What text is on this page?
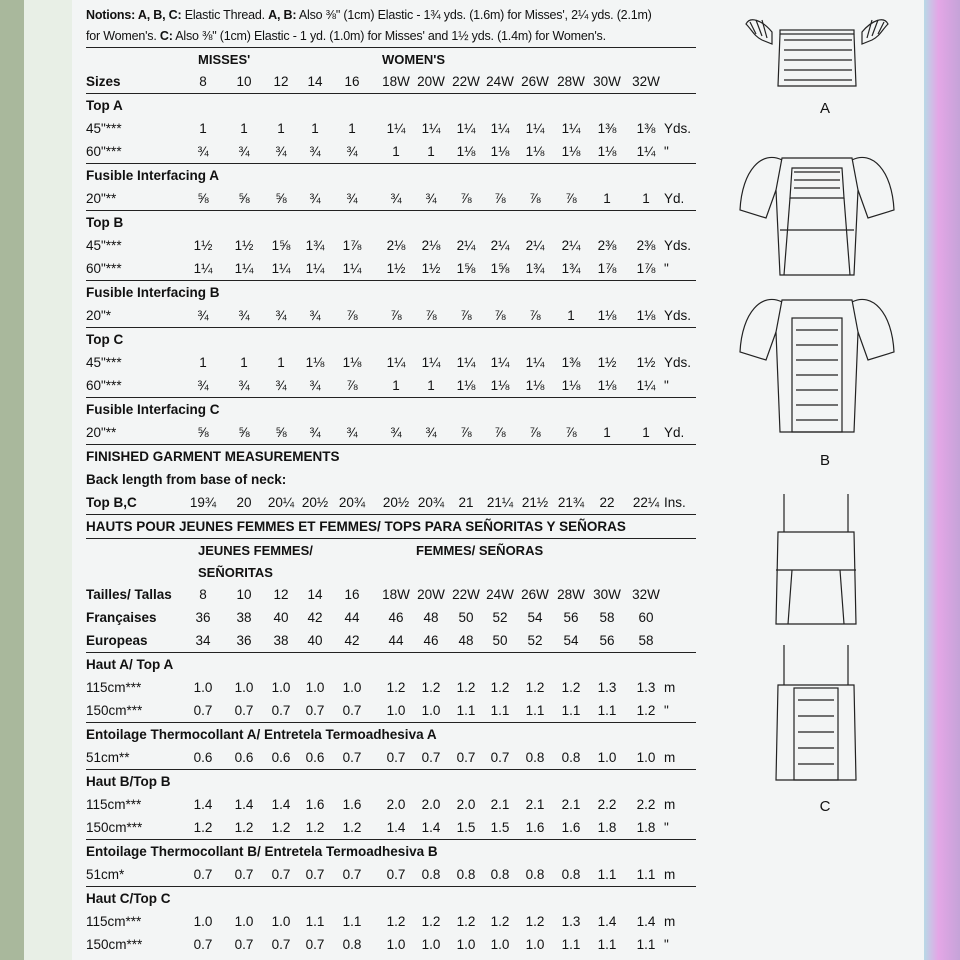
Notions: A, B, C: Elastic Thread. A, B: Also ⅜" (1cm) Elastic - 1¾ yds. (1.6m) for Misses', 2¼ yds. (2.1m)
for Women's. C: Also ⅜" (1cm) Elastic - 1 yd. (1.0m) for Misses' and 1½ yds. (1.4m) for Women's.
MISSES'	WOMEN'S
Sizes	8	10	12	14	16	18W 20W 22W 24W 26W 28W 30W 32W
Top A
45"***	1	1	1	1	1	1¼	1¼	1¼	1¼	1¼	1¼	1⅜	1⅜ Yds.
60"***	¾	¾	¾	¾	¾	1	1	1⅛	1⅛	1⅛	1⅛	1⅛	1¼ "
Fusible Interfacing A
20"**	⅝	⅝	⅝	¾	¾	¾	¾	⅞	⅞	⅞	⅞	1	1	Yd.
Top B
45"***	1½	1½	1⅝	1¾	1⅞	2⅛	2⅛	2¼	2¼	2¼	2¼	2⅜	2⅜ Yds.
60"***	1¼	1¼	1¼	1¼	1¼	1½	1½	1⅝	1⅝	1¾	1¾	1⅞	1⅞ "
Fusible Interfacing B
20"*	¾	¾	¾	¾	⅞	⅞	⅞	⅞	⅞	⅞	1	1⅛	1⅛ Yds.
Top C
45"***	1	1	1	1⅛	1⅛	1¼	1¼	1¼	1¼	1¼	1⅜	1½	1½ Yds.
60"***	¾	¾	¾	¾	⅞	1	1	1⅛	1⅛	1⅛	1⅛	1⅛	1¼ "
Fusible Interfacing C
20"**	⅝	⅝	⅝	¾	¾	¾	¾	⅞	⅞	⅞	⅞	1	1	Yd.
FINISHED GARMENT MEASUREMENTS
Back length from base of neck:
Top B,C	19¾	20	20¼ 20½ 20¾	20½ 20¾	21 21¼ 21½ 21¾	22	22¼ Ins.
HAUTS POUR JEUNES FEMMES ET FEMMES/ TOPS PARA SEÑORITAS Y SEÑORAS
JEUNES FEMMES/	FEMMES/ SEÑORAS
SEÑORITAS
Tailles/ Tallas	8	10	12	14	16	18W 20W 22W 24W 26W 28W 30W 32W
Françaises	36	38	40	42	44	46	48	50	52	54	56	58	60
Europeas	34	36	38	40	42	44	46	48	50	52	54	56	58
Haut A/ Top A
115cm***	1.0	1.0	1.0	1.0	1.0	1.2	1.2	1.2	1.2	1.2	1.2	1.3	1.3 m
150cm***	0.7	0.7	0.7	0.7	0.7	1.0	1.0	1.1	1.1	1.1	1.1	1.1	1.2 "
Entoilage Thermocollant A/ Entretela Termoadhesiva A
51cm**	0.6	0.6	0.6	0.6	0.7	0.7	0.7	0.7	0.7	0.8	0.8	1.0	1.0 m
Haut B/Top B
115cm***	1.4	1.4	1.4	1.6	1.6	2.0	2.0	2.0	2.1	2.1	2.1	2.2	2.2 m
150cm***	1.2	1.2	1.2	1.2	1.2	1.4	1.4	1.5	1.5	1.6	1.6	1.8	1.8 "
Entoilage Thermocollant B/ Entretela Termoadhesiva B
51cm*	0.7	0.7	0.7	0.7	0.7	0.7	0.8	0.8	0.8	0.8	0.8	1.1	1.1 m
Haut C/Top C
115cm***	1.0	1.0	1.0	1.1	1.1	1.2	1.2	1.2	1.2	1.2	1.3	1.4	1.4 m
150cm***	0.7	0.7	0.7	0.7	0.8	1.0	1.0	1.0	1.0	1.0	1.1	1.1	1.1 "
A
B
C
